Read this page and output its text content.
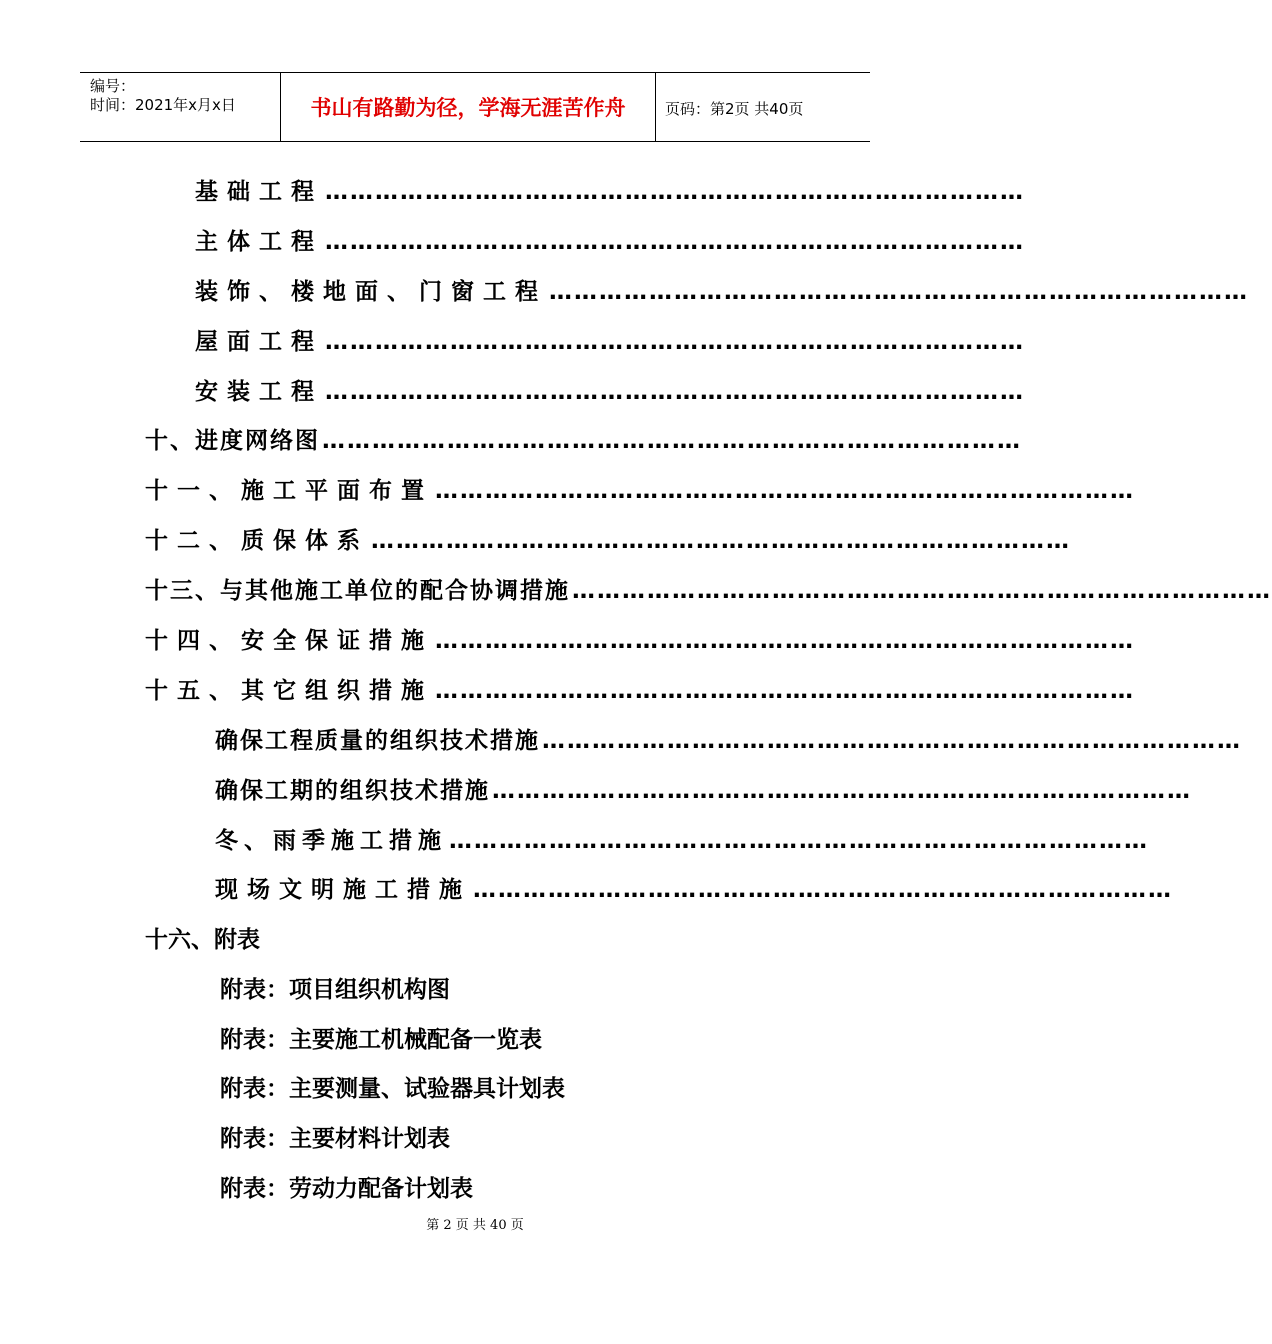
编号：
时间：2021年x月x日	书山有路勤为径，学海无涯苦作舟	页码：第2页 共40页
基础工程 …………………………………………………………………………
主体工程 …………………………………………………………………………
装饰、楼地面、门窗工程 …………………………………………………………………………
屋面工程 …………………………………………………………………………
安装工程 …………………………………………………………………………
十、进度网络图 …………………………………………………………………………
十一、施工平面布置 …………………………………………………………………………
十二、质保体系 …………………………………………………………………………
十三、与其他施工单位的配合协调措施 …………………………………………………………………………
十四、安全保证措施 …………………………………………………………………………
十五、其它组织措施 …………………………………………………………………………
确保工程质量的组织技术措施 …………………………………………………………………………
确保工期的组织技术措施 …………………………………………………………………………
冬、雨季施工措施 …………………………………………………………………………
现场文明施工措施 …………………………………………………………………………
十六、附表
附表：项目组织机构图
附表：主要施工机械配备一览表
附表：主要测量、试验器具计划表
附表：主要材料计划表
附表：劳动力配备计划表
第 2 页 共 40 页
